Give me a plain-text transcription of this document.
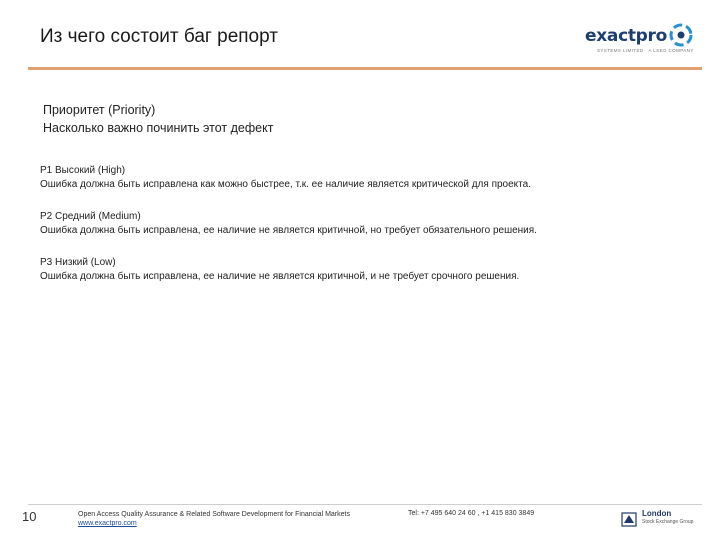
Из чего состоит баг репорт	exactpro
SYSTEMS LIMITED · A LSEG COMPANY
Приоритет (Priority)
Насколько важно починить этот дефект
P1 Высокий (High)
Ошибка должна быть исправлена как можно быстрее, т.к. ее наличие является критической для проекта.
P2 Средний (Medium)
Ошибка должна быть исправлена, ее наличие не является критичной, но требует обязательного решения.
P3 Низкий (Low)
Ошибка должна быть исправлена, ее наличие не является критичной, и не требует срочного решения.
10	Open Access Quality Assurance & Related Software Development for Financial Markets
www.exactpro.com
Tel: +7 495 640 24 60 , +1 415 830 3849	London
Stock Exchange Group
